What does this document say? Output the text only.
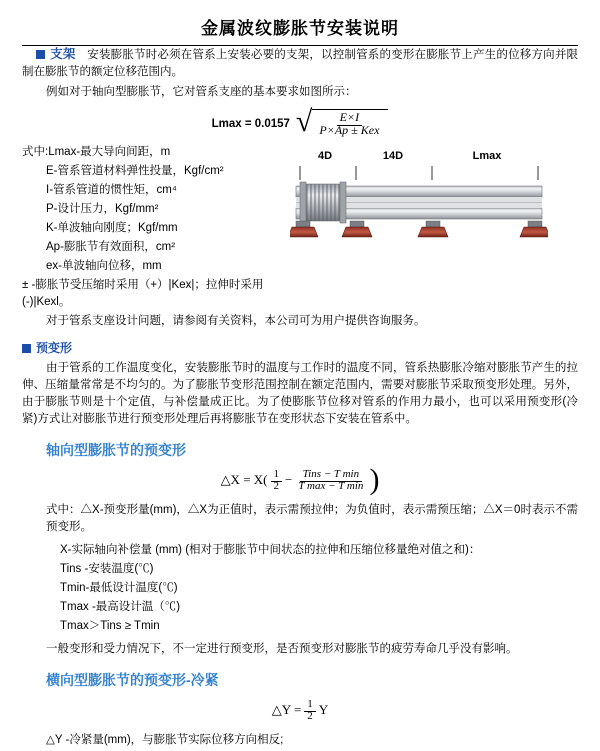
金属波纹膨胀节安装说明

支架　 安装膨胀节时必须在管系上安装必要的支架，以控制管系的变形在膨胀节上产生的位移方向并限制在膨胀节的额定位移范围内。

例如对于轴向型膨胀节，它对管系支座的基本要求如图所示：

Lmax = 0.0157 √	E×I
P×Ap ± Kex

式中:Lmax-最大导向间距，m

E-管系管道材料弹性投量，Kgf/cm²

I-管系管道的惯性矩，cm⁴

P-设计压力，Kgf/mm²

K-单波轴向刚度；Kgf/mm

Ap-膨胀节有效面积，cm²

ex-单波轴向位移，mm

± -膨胀节受压缩时采用（+）|Kex|；拉伸时采用(-)|Kexl。

4D	14D	Lmax

对于管系支座设计问题，请参阅有关资料，本公司可为用户提供咨询服务。

预变形

由于管系的工作温度变化，安装膨胀节时的温度与工作时的温度不同，管系热膨胀冷缩对膨胀节产生的拉伸、压缩量常常是不均匀的。为了膨胀节变形范围控制在额定范围内，需要对膨胀节采取预变形处理。另外，由于膨胀节则是十个定值，与补偿量成正比。为了使膨胀节位移对管系的作用力最小，也可以采用预变形(冷紧)方式让对膨胀节进行预变形处理后再将膨胀节在变形状态下安装在管系中。

轴向型膨胀节的预变形
△X = $X( \frac{1}{2} - \frac{\text{Tins − T min}}{\text{T max − T min}}$ )

式中：△X-预变形量(mm)，△X为正值时，表示需预拉伸；为负值时，表示需预压缩；△X＝0时表示不需预变形。

X-实际轴向补偿量 (mm) (相对于膨胀节中间状态的拉伸和压缩位移量绝对值之和)：

Tins -安装温度(℃)

Tmin-最低设计温度(℃)

Tmax -最高设计温（℃)

Tmax＞Tins ≥ Tmin

一般变形和受力情况下，不一定进行预变形，是否预变形对膨胀节的疲劳寿命几乎没有影响。

横向型膨胀节的预变形-冷紧
△Y = $\frac{1}{2}$ Y

△Y -冷紧量(mm)，与膨胀节实际位移方向相反;
